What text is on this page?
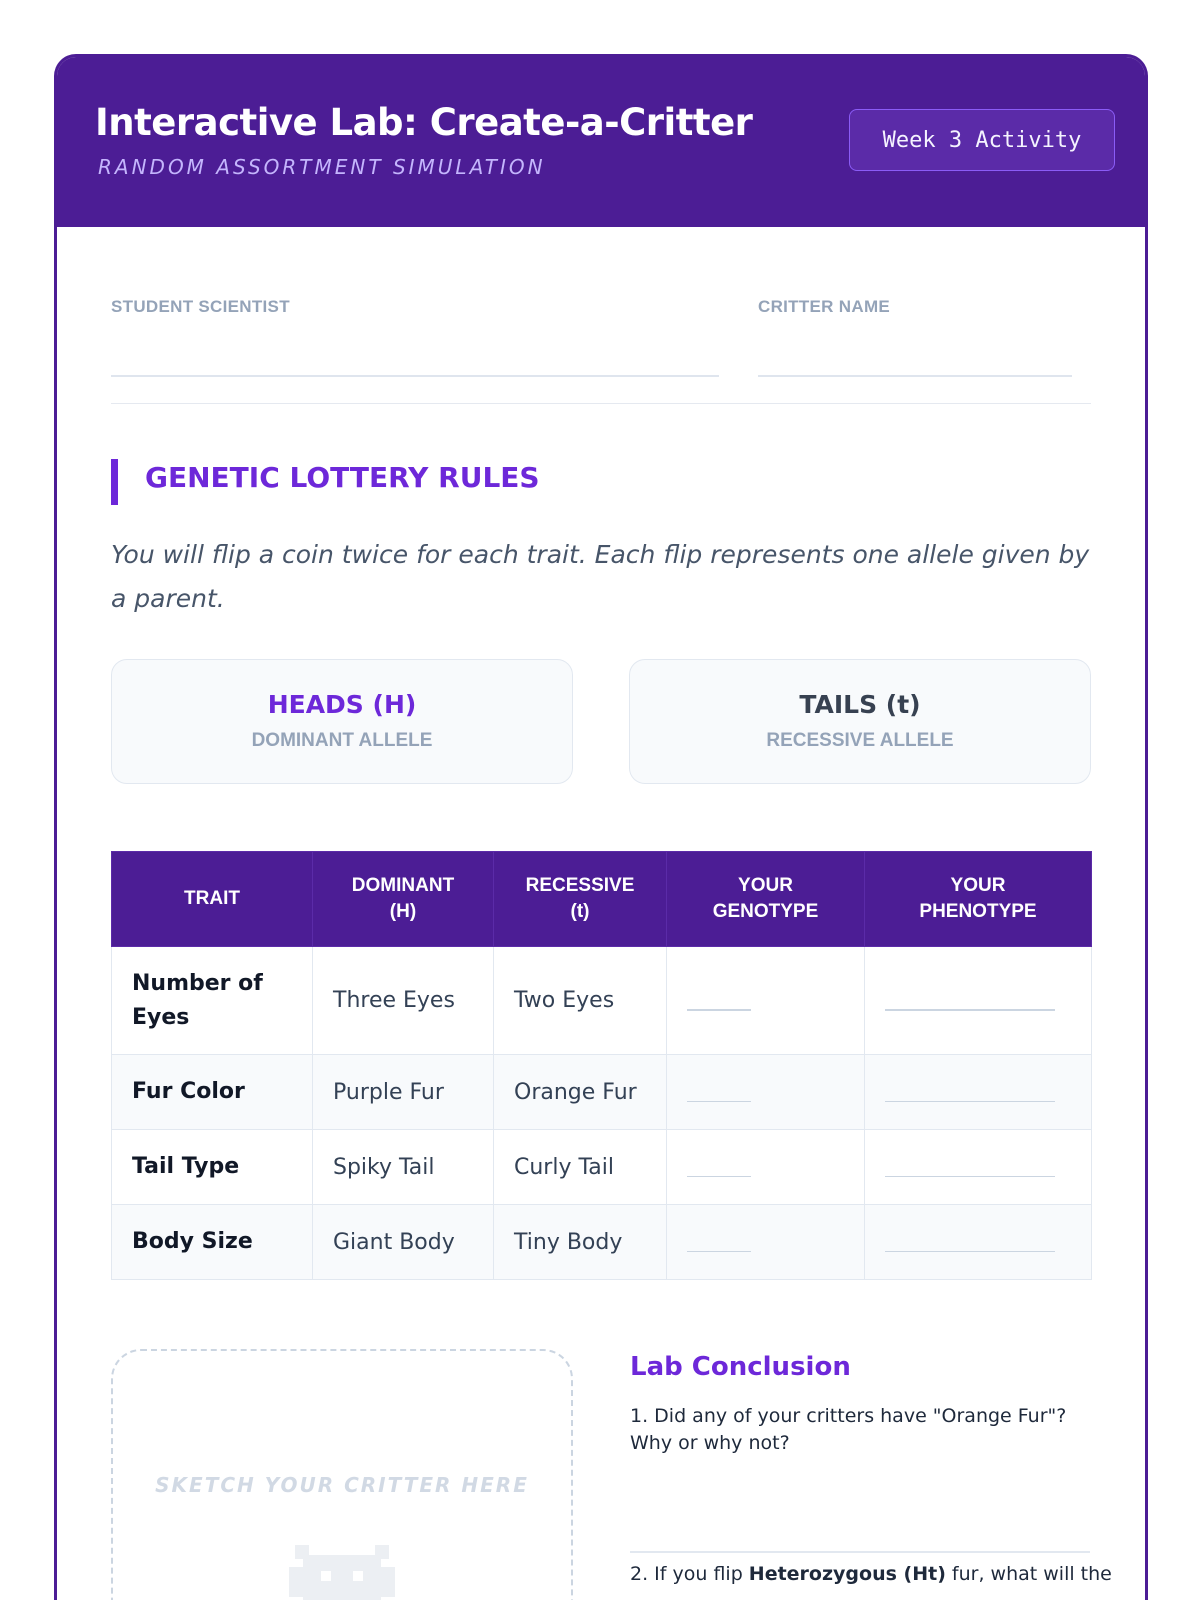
Interactive Lab: Create-a-Critter
RANDOM ASSORTMENT SIMULATION
Week 3 Activity
STUDENT SCIENTIST	CRITTER NAME
GENETIC LOTTERY RULES
You will flip a coin twice for each trait. Each flip represents one allele given by a parent.
HEADS (H)
DOMINANT ALLELE
TAILS (t)
RECESSIVE ALLELE
TRAIT	DOMINANT (H)	RECESSIVE (t)	YOUR GENOTYPE	YOUR PHENOTYPE

Number of Eyes	Three Eyes	Two Eyes		
Fur Color	Purple Fur	Orange Fur		
Tail Type	Spiky Tail	Curly Tail		
Body Size	Giant Body	Tiny Body		
SKETCH YOUR CRITTER HERE
Lab Conclusion
1. Did any of your critters have "Orange Fur"? Why or why not?
2. If you flip Heterozygous (Ht) fur, what will the
